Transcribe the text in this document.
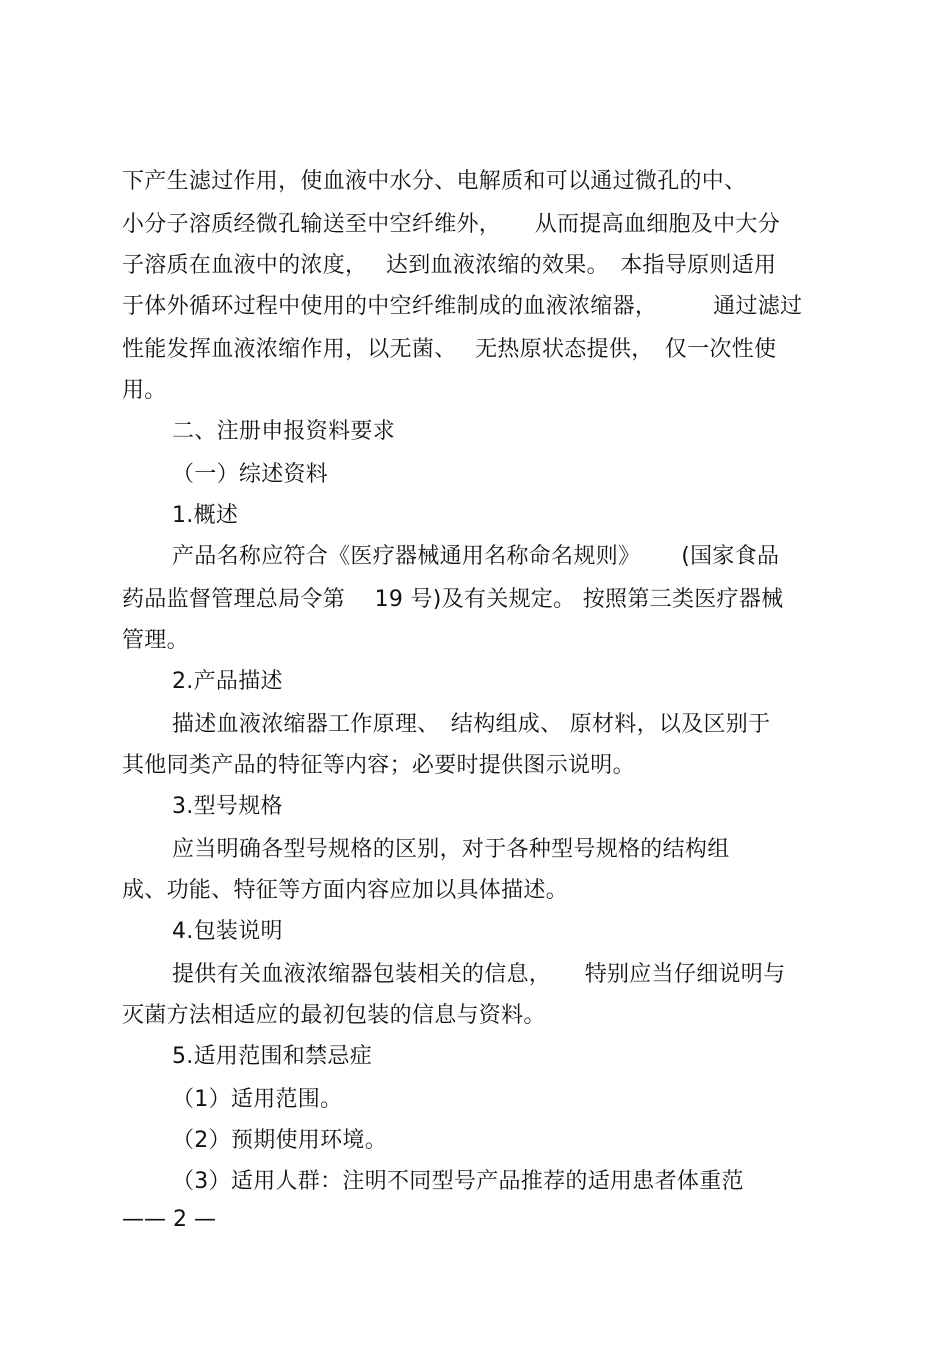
下产生滤过作用，使血液中水分、电解质和可以通过微孔的中、
小分子溶质经微孔输送至中空纤维外，　　从而提高血细胞及中大分
子溶质在血液中的浓度，　 达到血液浓缩的效果。　本指导原则适用
于体外循环过程中使用的中空纤维制成的血液浓缩器，　　　通过滤过
性能发挥血液浓缩作用，以无菌、　 无热原状态提供，　仅一次性使
用。
二、注册申报资料要求
（一）综述资料
1.概述
产品名称应符合《医疗器械通用名称命名规则》　　 (国家食品
药品监督管理总局令第　 19 号)及有关规定。 按照第三类医疗器械
管理。
2.产品描述
描述血液浓缩器工作原理、　结构组成、 原材料，以及区别于
其他同类产品的特征等内容；必要时提供图示说明。
3.型号规格
应当明确各型号规格的区别，对于各种型号规格的结构组
成、功能、特征等方面内容应加以具体描述。
4.包装说明
提供有关血液浓缩器包装相关的信息，　　特别应当仔细说明与
灭菌方法相适应的最初包装的信息与资料。
5.适用范围和禁忌症
（1）适用范围。
（2）预期使用环境。
（3）适用人群：注明不同型号产品推荐的适用患者体重范
—— 2 —
